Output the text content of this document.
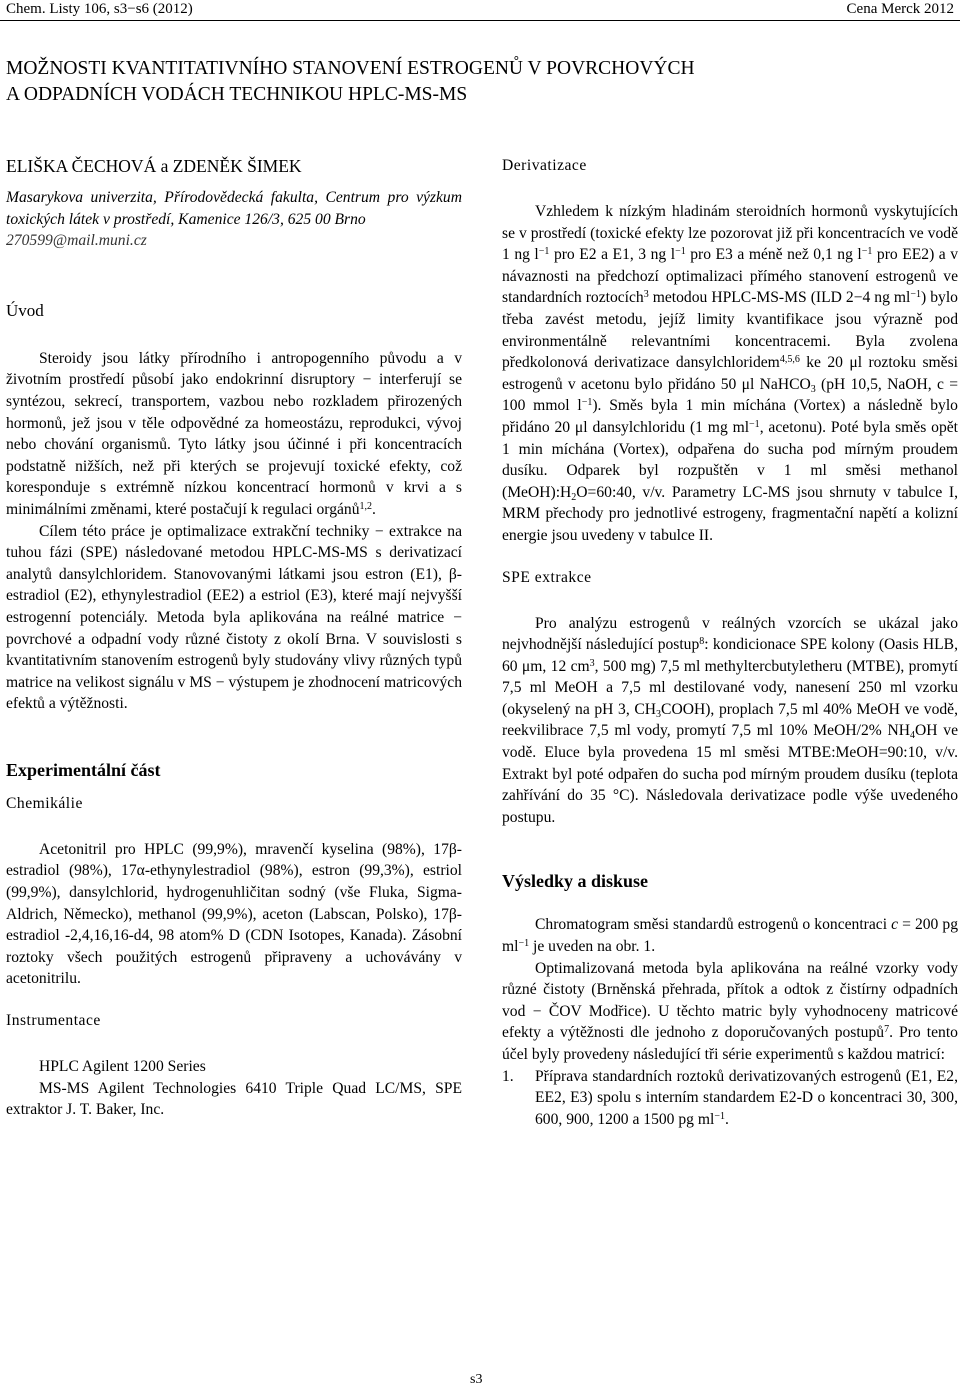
Chem. Listy 106, s3−s6 (2012)	Cena Merck 2012
MOŽNOSTI KVANTITATIVNÍHO STANOVENÍ ESTROGENŮ V POVRCHOVÝCH
A ODPADNÍCH VODÁCH TECHNIKOU HPLC-MS-MS
ELIŠKA ČECHOVÁ a ZDENĚK ŠIMEK

Masarykova univerzita, Přírodovědecká fakulta, Centrum pro výzkum toxických látek v prostředí, Kamenice 126/3, 625 00 Brno

270599@mail.muni.cz

Úvod

Steroidy jsou látky přírodního i antropogenního původu a v životním prostředí působí jako endokrinní disruptory − interferují se syntézou, sekrecí, transportem, vazbou nebo rozkladem přirozených hormonů, jež jsou v těle odpovědné za homeostázu, reprodukci, vývoj nebo chování organismů. Tyto látky jsou účinné i při koncentracích podstatně nižších, než při kterých se projevují toxické efekty, což koresponduje s extrémně nízkou koncentrací hormonů v krvi a s minimálními změnami, které postačují k regulaci orgánů$^{1,2}$.

Cílem této práce je optimalizace extrakční techniky − extrakce na tuhou fázi (SPE) následované metodou HPLC-MS-MS s derivatizací analytů dansylchloridem. Stanovovanými látkami jsou estron (E1), β-estradiol (E2), ethynylestradiol (EE2) a estriol (E3), které mají nejvyšší estrogenní potenciály. Metoda byla aplikována na reálné matrice − povrchové a odpadní vody různé čistoty z okolí Brna. V souvislosti s kvantitativním stanovením estrogenů byly studovány vlivy různých typů matrice na velikost signálu v MS − výstupem je zhodnocení matricových efektů a výtěžnosti.

Experimentální část
Chemikálie

Acetonitril pro HPLC (99,9%), mravenčí kyselina (98%), 17β-estradiol (98%), 17α-ethynylestradiol (98%), estron (99,3%), estriol (99,9%), dansylchlorid, hydrogenuhličitan sodný (vše Fluka, Sigma-Aldrich, Německo), methanol (99,9%), aceton (Labscan, Polsko), 17β-estradiol -2,4,16,16-d4, 98 atom% D (CDN Isotopes, Kanada). Zásobní roztoky všech použitých estrogenů připraveny a uchovávány v acetonitrilu.

Instrumentace

HPLC Agilent 1200 Series

MS-MS Agilent Technologies 6410 Triple Quad LC/MS, SPE extraktor J. T. Baker, Inc.

Derivatizace

Vzhledem k nízkým hladinám steroidních hormonů vyskytujících se v prostředí (toxické efekty lze pozorovat již při koncentracích ve vodě 1 ng $l^{-1}$ pro E2 a E1, 3 ng $l^{-1}$ pro E3 a méně než 0,1 ng $l^{-1}$ pro EE2) a v návaznosti na předchozí optimalizaci přímého stanovení estrogenů ve standardních roztocích$^3$ metodou HPLC-MS-MS (ILD 2−4 ng $ml^{-1}$) bylo třeba zavést metodu, jejíž limity kvantifikace jsou výrazně pod environmentálně relevantními koncentracemi. Byla zvolena předkolonová derivatizace dansylchloridem$^{4,5,6}$ ke 20 μl roztoku směsi estrogenů v acetonu bylo přidáno 50 μl NaHCO$_3$ (pH 10,5, NaOH, c = 100 mmol $l^{-1}$). Směs byla 1 min míchána (Vortex) a následně bylo přidáno 20 μl dansylchloridu (1 mg $ml^{-1}$, acetonu). Poté byla směs opět 1 min míchána (Vortex), odpařena do sucha pod mírným proudem dusíku. Odparek byl rozpuštěn v 1 ml směsi methanol $(MeOH):H_2O=60:40$, v/v. Parametry LC-MS jsou shrnuty v tabulce I, MRM přechody pro jednotlivé estrogeny, fragmentační napětí a kolizní energie jsou uvedeny v tabulce II.

SPE extrakce

Pro analýzu estrogenů v reálných vzorcích se ukázal jako nejvhodnější následující postup$^8$: kondicionace SPE kolony (Oasis HLB, 60 μm, 12 $cm^3$, 500 mg) 7,5 ml methyltercbutyletheru (MTBE), promytí 7,5 ml MeOH a 7,5 ml destilované vody, nanesení 250 ml vzorku (okyselený na pH 3, $CH_3COOH$), proplach 7,5 ml 40% MeOH ve vodě, reekvilibrace 7,5 ml vody, promytí 7,5 ml 10% MeOH/2% $NH_4OH$ ve vodě. Eluce byla provedena 15 ml směsi MTBE:MeOH=90:10, v/v. Extrakt byl poté odpařen do sucha pod mírným proudem dusíku (teplota zahřívání do 35 °C). Následovala derivatizace podle výše uvedeného postupu.

Výsledky a diskuse

Chromatogram směsi standardů estrogenů o koncentraci c = 200 pg $ml^{-1}$ je uveden na obr. 1.

Optimalizovaná metoda byla aplikována na reálné vzorky vody různé čistoty (Brněnská přehrada, přítok a odtok z čistírny odpadních vod − ČOV Modřice). U těchto matric byly vyhodnoceny matricové efekty a výtěžnosti dle jednoho z doporučovaných postupů$^7$. Pro tento účel byly provedeny následující tři série experimentů s každou matricí:

1.	Příprava standardních roztoků derivatizovaných estrogenů (E1, E2, EE2, E3) spolu s interním standardem E2-D o koncentraci 30, 300, 600, 900, 1200 a 1500 pg $ml^{-1}$.

s3
